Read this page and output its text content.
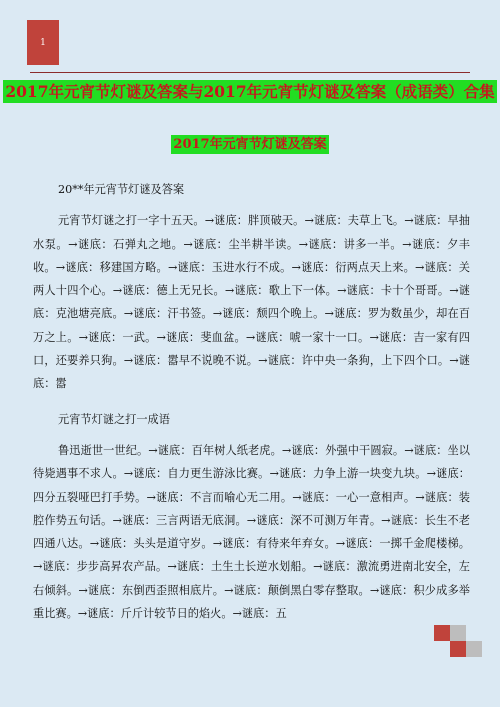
1
2017年元宵节灯谜及答案与2017年元宵节灯谜及答案（成语类）合集
2017年元宵节灯谜及答案

20**年元宵节灯谜及答案

元宵节灯谜之打一字十五天。→谜底：胖顶破天。→谜底：夫草上飞。→谜底：早抽水泵。→谜底：石弹丸之地。→谜底：尘半耕半读。→谜底：讲多一半。→谜底：夕丰收。→谜底：移建国方略。→谜底：玉进水行不成。→谜底：衍两点天上来。→谜底：关两人十四个心。→谜底：德上无兄长。→谜底：歌上下一体。→谜底：卡十个哥哥。→谜底：克池塘亮底。→谜底：汗书签。→谜底：颓四个晚上。→谜底：罗为数虽少，却在百万之上。→谜底：一武。→谜底：斐血盆。→谜底：唬一家十一口。→谜底：吉一家有四口，还要养只狗。→谜底：嚣早不说晚不说。→谜底：许中央一条狗，上下四个口。→谜底：嚣

元宵节灯谜之打一成语

鲁迅逝世一世纪。→谜底：百年树人纸老虎。→谜底：外强中干圆寂。→谜底：坐以待毙遇事不求人。→谜底：自力更生游泳比赛。→谜底：力争上游一块变九块。→谜底：四分五裂哑巴打手势。→谜底：不言而喻心无二用。→谜底：一心一意相声。→谜底：装腔作势五句话。→谜底：三言两语无底洞。→谜底：深不可测万年青。→谜底：长生不老四通八达。→谜底：头头是道守岁。→谜底：有待来年弃女。→谜底：一掷千金爬楼梯。→谜底：步步高昇农产品。→谜底：土生土长逆水划船。→谜底：激流勇进南北安全，左右倾斜。→谜底：东倒西歪照相底片。→谜底：颠倒黑白零存整取。→谜底：积少成多举重比赛。→谜底：斤斤计较节日的焰火。→谜底：五
